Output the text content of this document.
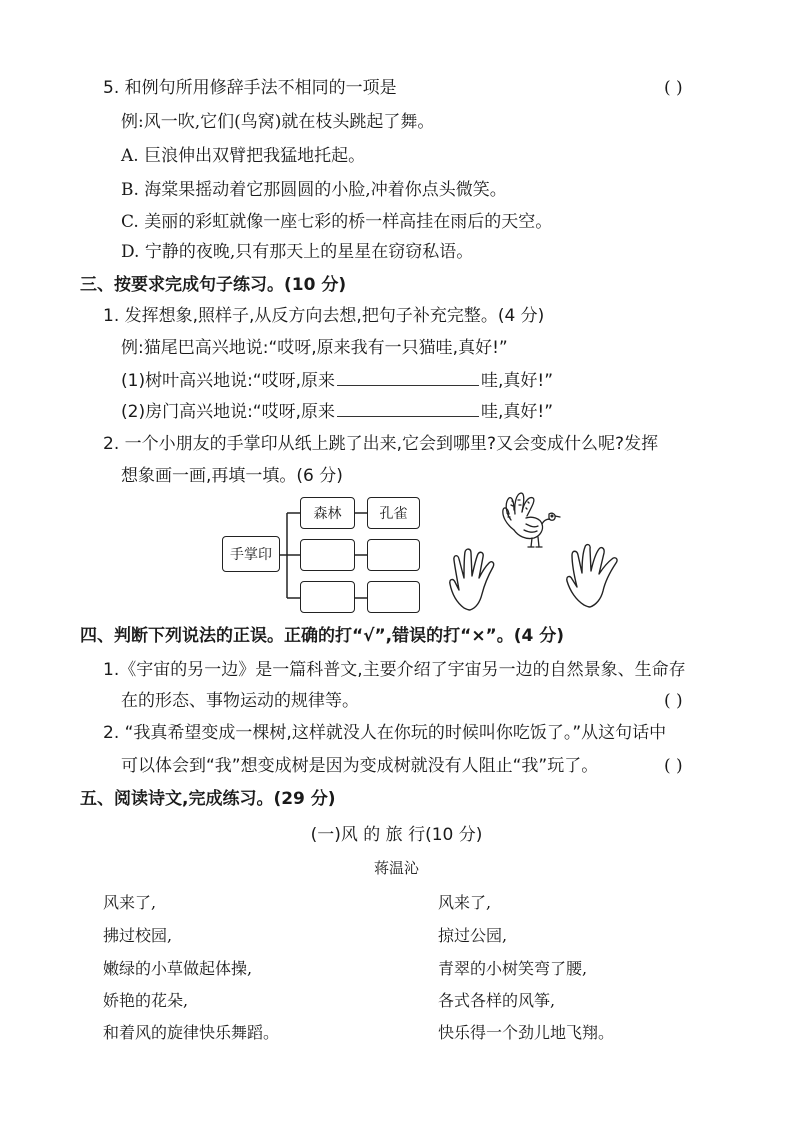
5. 和例句所用修辞手法不相同的一项是	( )
例:风一吹,它们(鸟窝)就在枝头跳起了舞。
A. 巨浪伸出双臂把我猛地托起。
B. 海棠果摇动着它那圆圆的小脸,冲着你点头微笑。
C. 美丽的彩虹就像一座七彩的桥一样高挂在雨后的天空。
D. 宁静的夜晚,只有那天上的星星在窃窃私语。
三、按要求完成句子练习。(10 分)
1. 发挥想象,照样子,从反方向去想,把句子补充完整。(4 分)
例:猫尾巴高兴地说:“哎呀,原来我有一只猫哇,真好!”
(1)树叶高兴地说:“哎呀,原来	哇,真好!”
(2)房门高兴地说:“哎呀,原来	哇,真好!”
2. 一个小朋友的手掌印从纸上跳了出来,它会到哪里?又会变成什么呢?发挥
想象画一画,再填一填。(6 分)
手掌印
森林	孔雀
四、判断下列说法的正误。正确的打“√”,错误的打“×”。(4 分)
1.《宇宙的另一边》是一篇科普文,主要介绍了宇宙另一边的自然景象、生命存
在的形态、事物运动的规律等。	( )
2. “我真希望变成一棵树,这样就没人在你玩的时候叫你吃饭了。”从这句话中
可以体会到“我”想变成树是因为变成树就没有人阻止“我”玩了。	( )
五、阅读诗文,完成练习。(29 分)
(一)风 的 旅 行(10 分)
蒋温沁
风来了,
拂过校园,
嫩绿的小草做起体操,
娇艳的花朵,
和着风的旋律快乐舞蹈。
风来了,
掠过公园,
青翠的小树笑弯了腰,
各式各样的风筝,
快乐得一个劲儿地飞翔。
